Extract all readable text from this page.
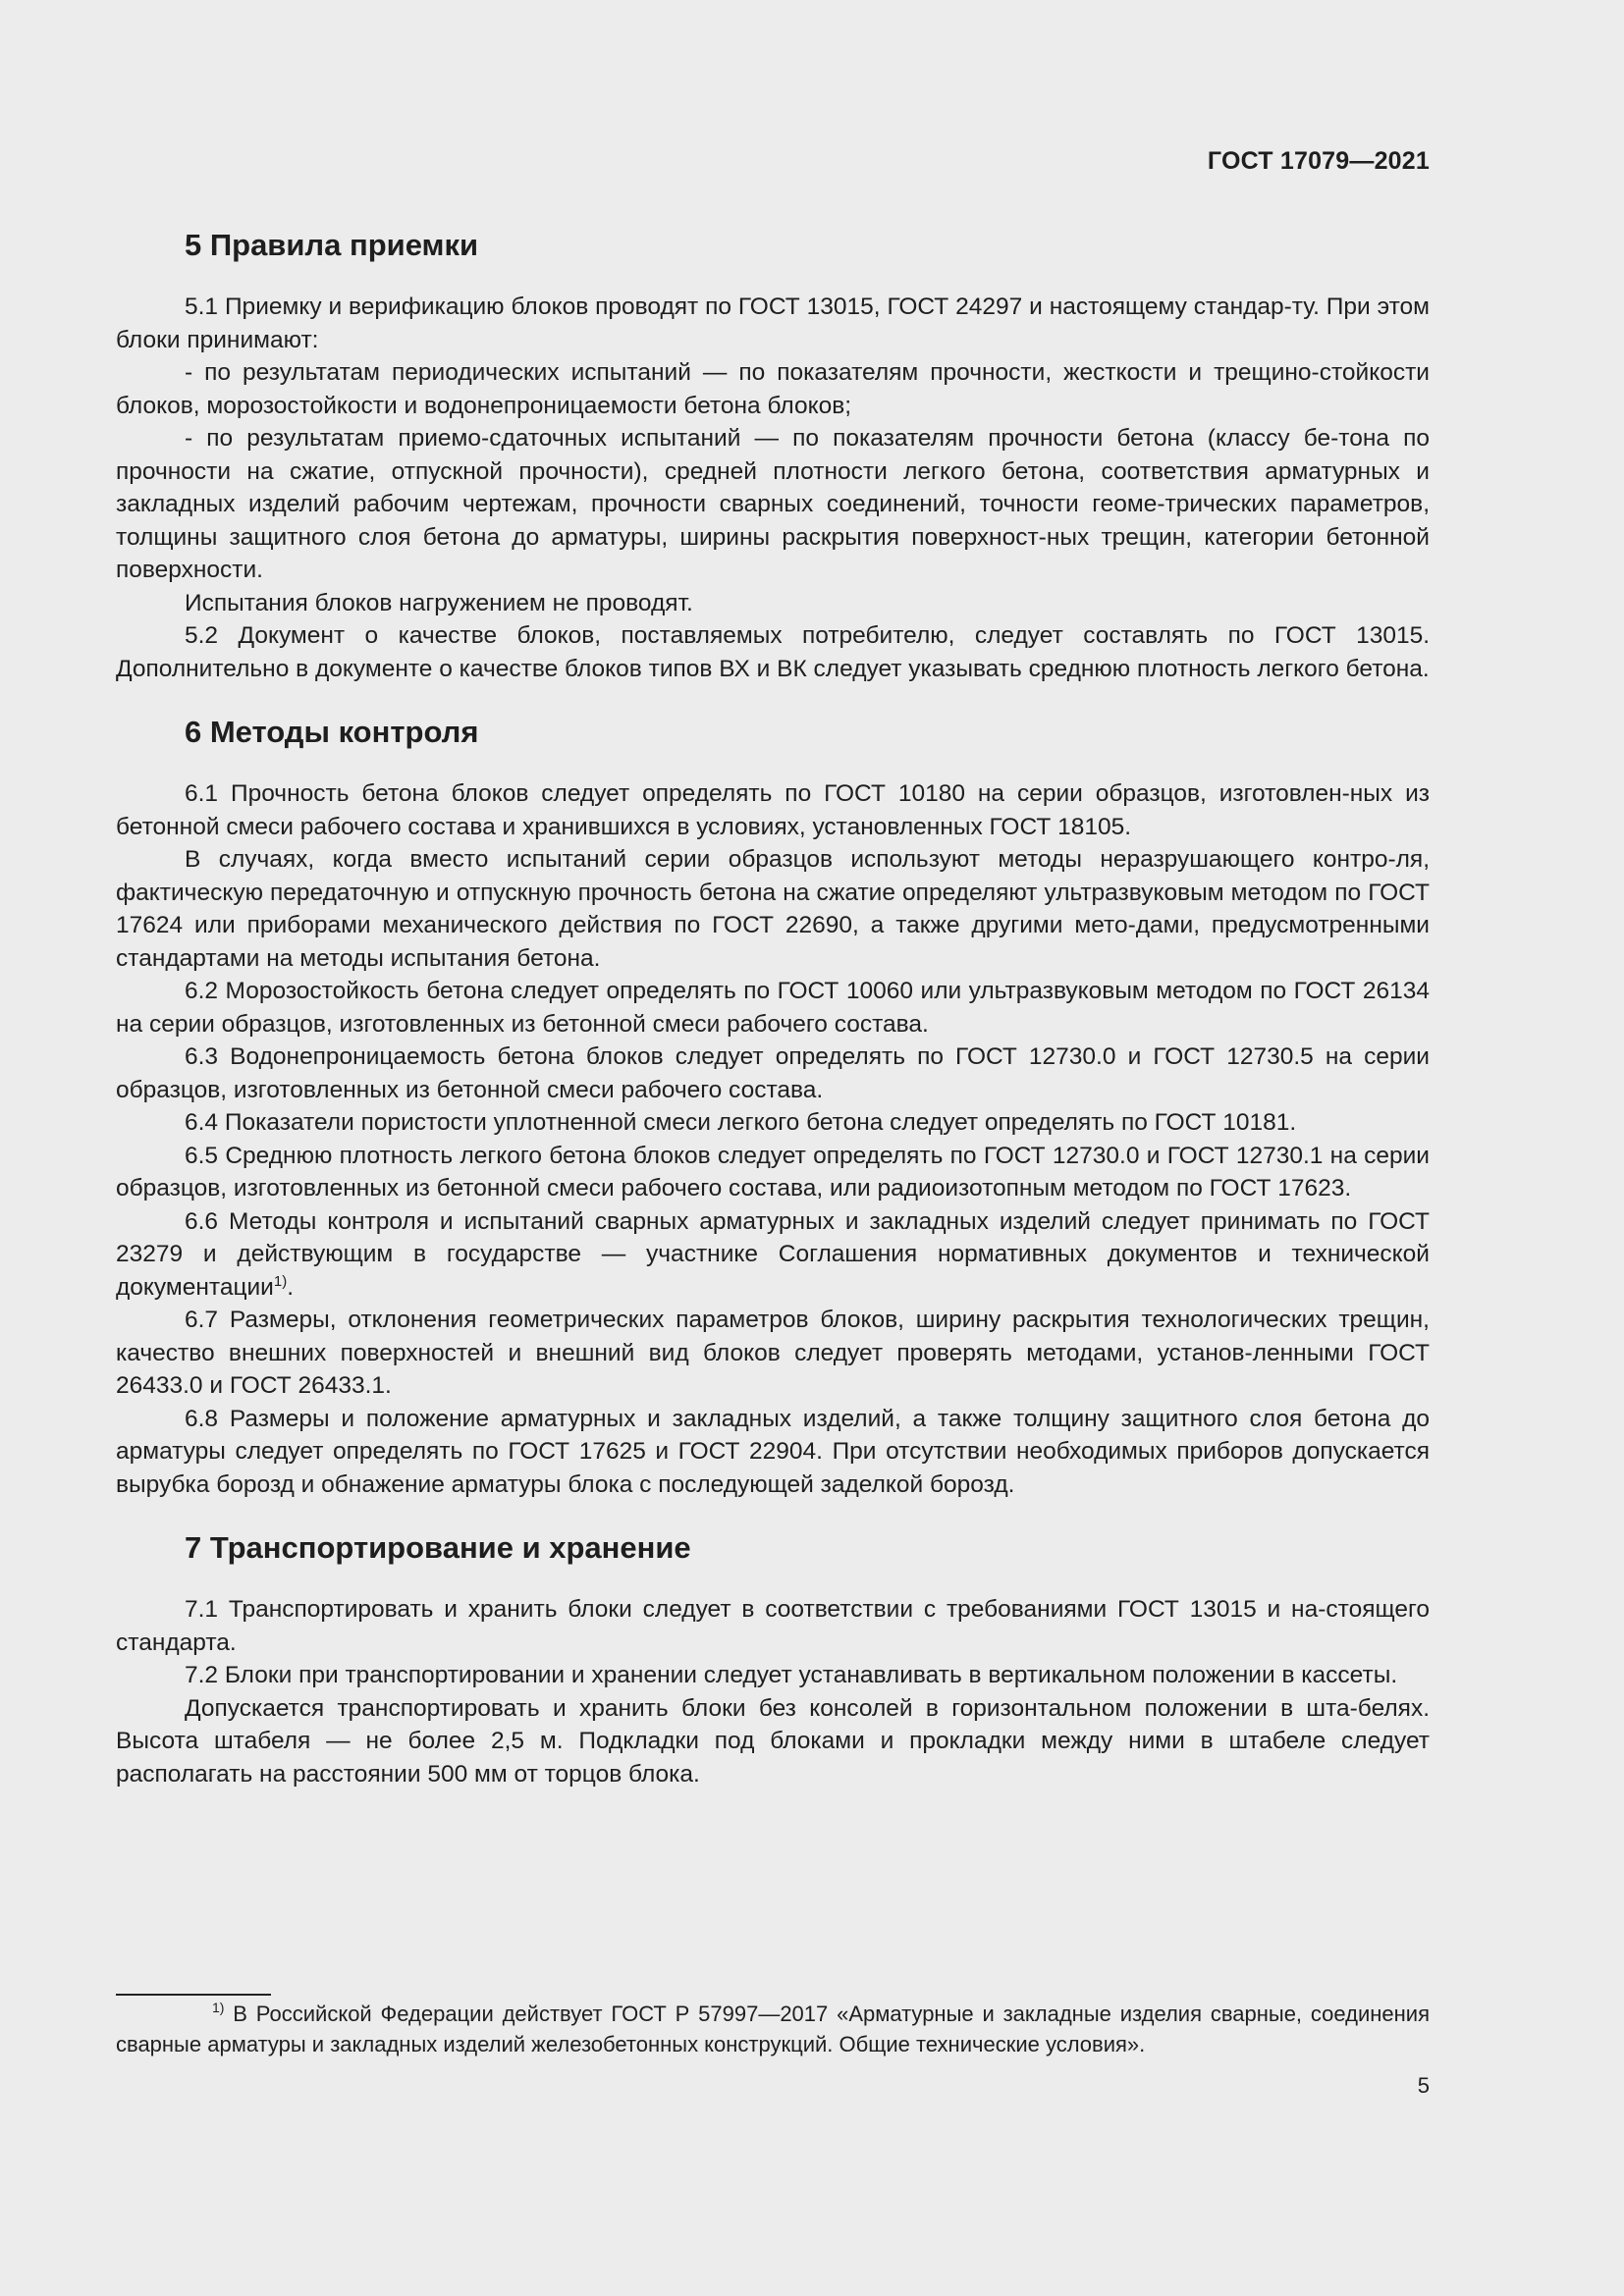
ГОСТ 17079—2021
5 Правила приемки

5.1 Приемку и верификацию блоков проводят по ГОСТ 13015, ГОСТ 24297 и настоящему стандар-ту. При этом блоки принимают:

- по результатам периодических испытаний — по показателям прочности, жесткости и трещино-стойкости блоков, морозостойкости и водонепроницаемости бетона блоков;

- по результатам приемо-сдаточных испытаний — по показателям прочности бетона (классу бе-тона по прочности на сжатие, отпускной прочности), средней плотности легкого бетона, соответствия арматурных и закладных изделий рабочим чертежам, прочности сварных соединений, точности геоме-трических параметров, толщины защитного слоя бетона до арматуры, ширины раскрытия поверхност-ных трещин, категории бетонной поверхности.

Испытания блоков нагружением не проводят.

5.2 Документ о качестве блоков, поставляемых потребителю, следует составлять по ГОСТ 13015. Дополнительно в документе о качестве блоков типов ВХ и ВК следует указывать среднюю плотность легкого бетона.

6 Методы контроля

6.1 Прочность бетона блоков следует определять по ГОСТ 10180 на серии образцов, изготовлен-ных из бетонной смеси рабочего состава и хранившихся в условиях, установленных ГОСТ 18105.

В случаях, когда вместо испытаний серии образцов используют методы неразрушающего контро-ля, фактическую передаточную и отпускную прочность бетона на сжатие определяют ультразвуковым методом по ГОСТ 17624 или приборами механического действия по ГОСТ 22690, а также другими мето-дами, предусмотренными стандартами на методы испытания бетона.

6.2 Морозостойкость бетона следует определять по ГОСТ 10060 или ультразвуковым методом по ГОСТ 26134 на серии образцов, изготовленных из бетонной смеси рабочего состава.

6.3 Водонепроницаемость бетона блоков следует определять по ГОСТ 12730.0 и ГОСТ 12730.5 на серии образцов, изготовленных из бетонной смеси рабочего состава.

6.4 Показатели пористости уплотненной смеси легкого бетона следует определять по ГОСТ 10181.

6.5 Среднюю плотность легкого бетона блоков следует определять по ГОСТ 12730.0 и ГОСТ 12730.1 на серии образцов, изготовленных из бетонной смеси рабочего состава, или радиоизотопным методом по ГОСТ 17623.

6.6 Методы контроля и испытаний сварных арматурных и закладных изделий следует принимать по ГОСТ 23279 и действующим в государстве — участнике Соглашения нормативных документов и технической документации$^{1)}$.

6.7 Размеры, отклонения геометрических параметров блоков, ширину раскрытия технологических трещин, качество внешних поверхностей и внешний вид блоков следует проверять методами, установ-ленными ГОСТ 26433.0 и ГОСТ 26433.1.

6.8 Размеры и положение арматурных и закладных изделий, а также толщину защитного слоя бетона до арматуры следует определять по ГОСТ 17625 и ГОСТ 22904. При отсутствии необходимых приборов допускается вырубка борозд и обнажение арматуры блока с последующей заделкой борозд.

7 Транспортирование и хранение

7.1 Транспортировать и хранить блоки следует в соответствии с требованиями ГОСТ 13015 и на-стоящего стандарта.

7.2 Блоки при транспортировании и хранении следует устанавливать в вертикальном положении в кассеты.

Допускается транспортировать и хранить блоки без консолей в горизонтальном положении в шта-белях. Высота штабеля — не более 2,5 м. Подкладки под блоками и прокладки между ними в штабеле следует располагать на расстоянии 500 мм от торцов блока.

$^{1)}$ В Российской Федерации действует ГОСТ Р 57997—2017 «Арматурные и закладные изделия сварные, соединения сварные арматуры и закладных изделий железобетонных конструкций. Общие технические условия».
5
